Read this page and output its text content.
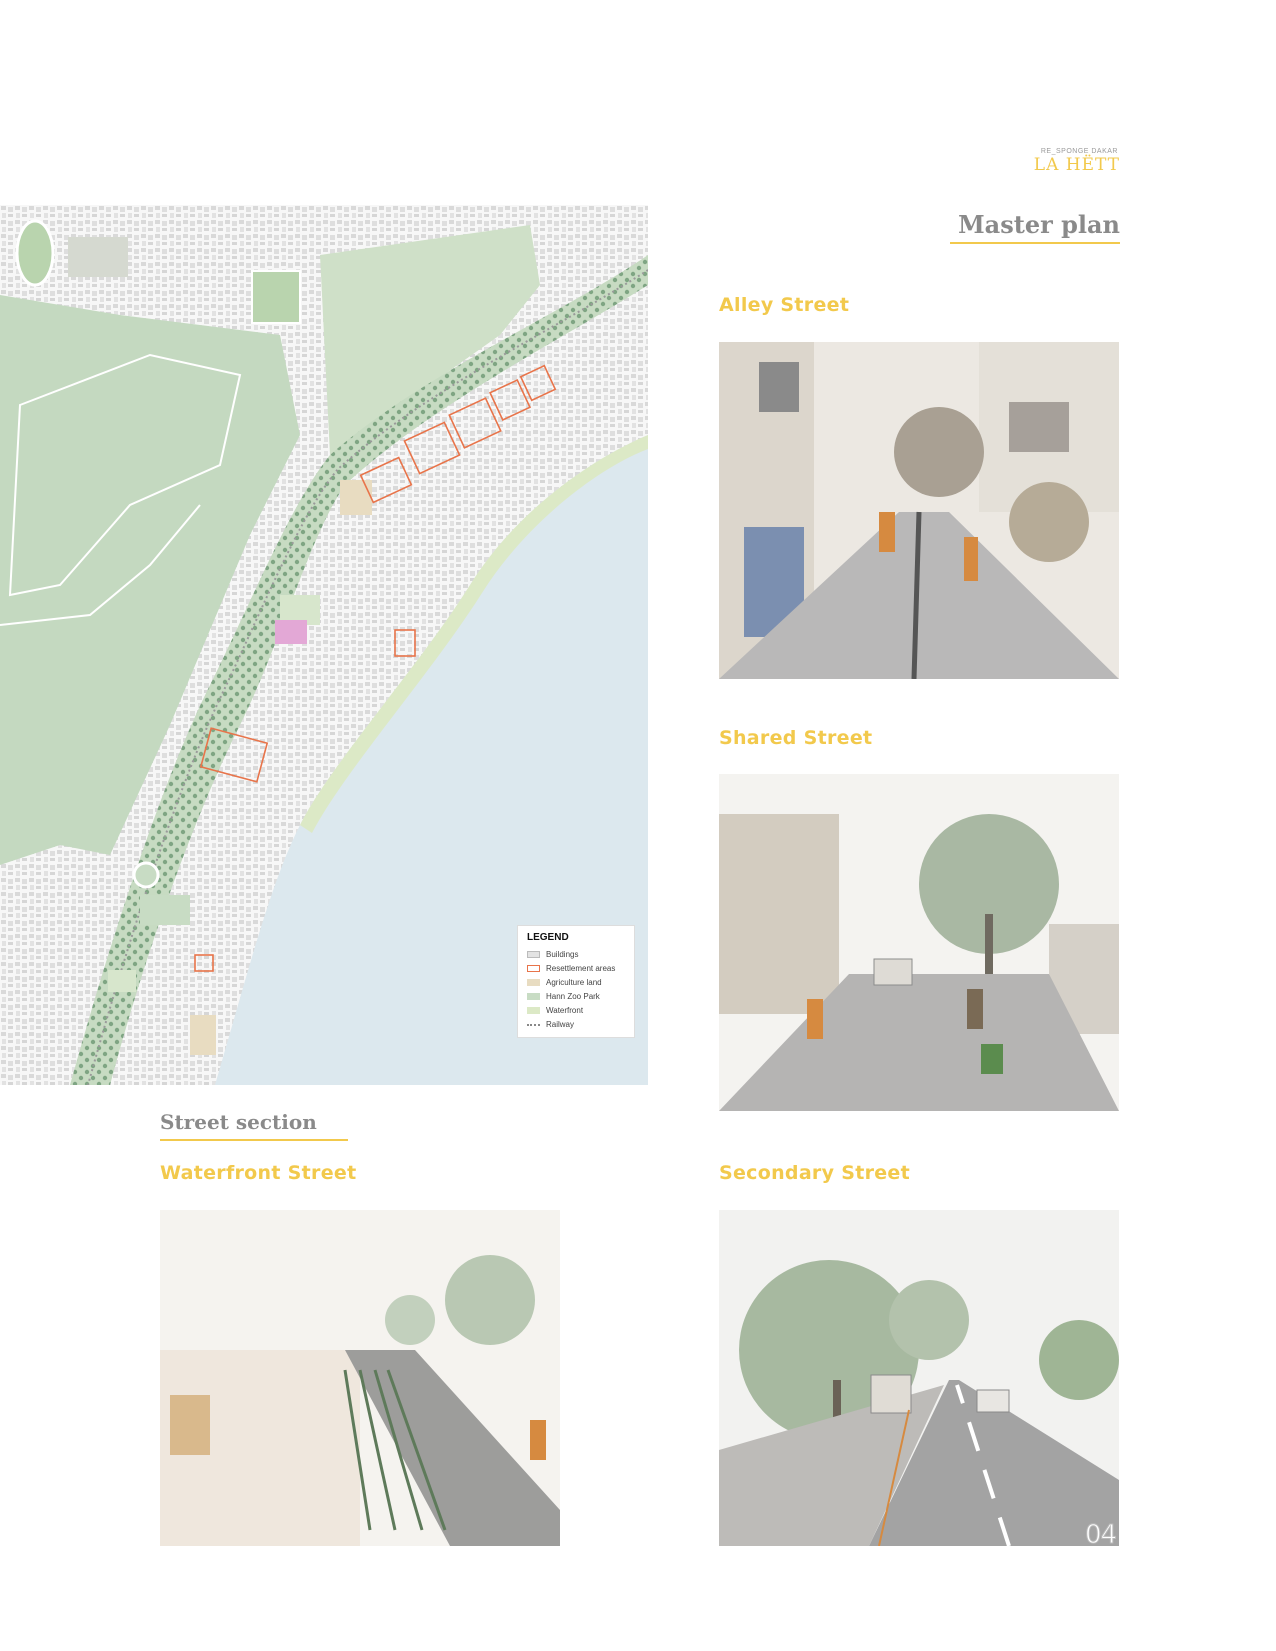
RE_SPONGE DAKAR
LA HËTT
Master plan
LEGEND
Buildings
Resettlement areas
Agriculture land
Hann Zoo Park
Waterfront
Railway
Alley Street
Shared Street
Street section
Waterfront Street	Secondary Street
04
